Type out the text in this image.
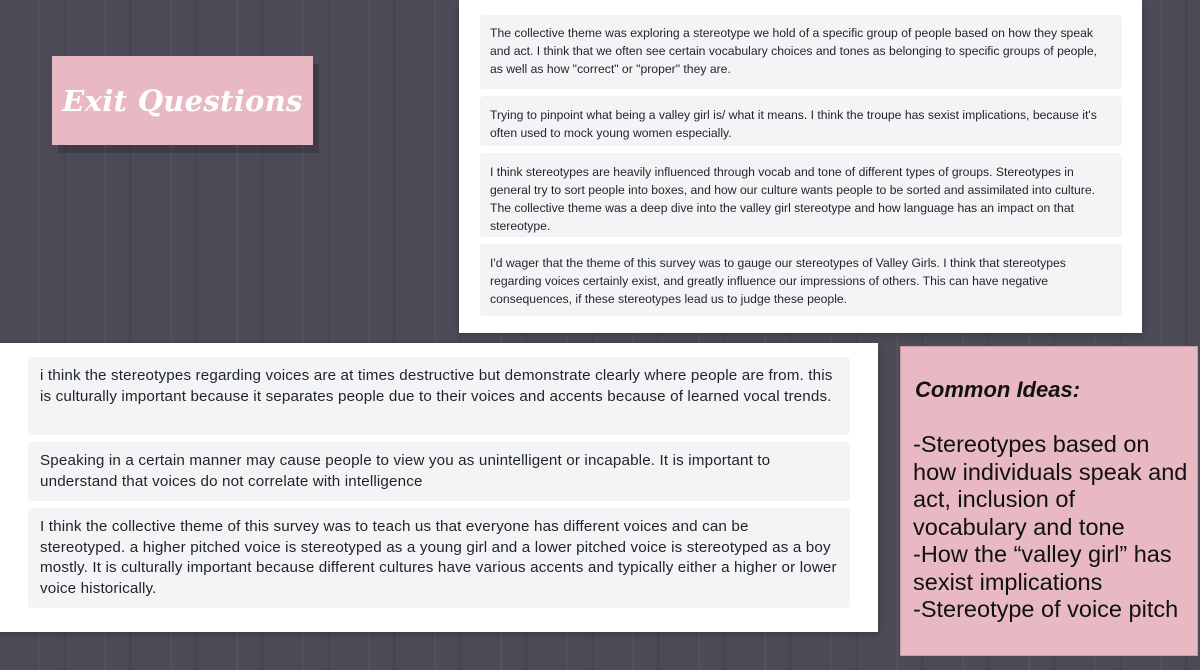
Exit Questions
The collective theme was exploring a stereotype we hold of a specific group of people based on how they speak and act. I think that we often see certain vocabulary choices and tones as belonging to specific groups of people, as well as how "correct" or "proper" they are.
Trying to pinpoint what being a valley girl is/ what it means. I think the troupe has sexist implications, because it's often used to mock young women especially.
I think stereotypes are heavily influenced through vocab and tone of different types of groups. Stereotypes in general try to sort people into boxes, and how our culture wants people to be sorted and assimilated into culture. The collective theme was a deep dive into the valley girl stereotype and how language has an impact on that stereotype.
I'd wager that the theme of this survey was to gauge our stereotypes of Valley Girls. I think that stereotypes regarding voices certainly exist, and greatly influence our impressions of others. This can have negative consequences, if these stereotypes lead us to judge these people.
i think the stereotypes regarding voices are at times destructive but demonstrate clearly where people are from. this is culturally important because it separates people due to their voices and accents because of learned vocal trends.
Speaking in a certain manner may cause people to view you as unintelligent or incapable. It is important to understand that voices do not correlate with intelligence
I think the collective theme of this survey was to teach us that everyone has different voices and can be stereotyped. a higher pitched voice is stereotyped as a young girl and a lower pitched voice is stereotyped as a boy mostly. It is culturally important because different cultures have various accents and typically either a higher or lower voice historically.
Common Ideas:
-Stereotypes based on how individuals speak and act, inclusion of vocabulary and tone
-How the “valley girl” has sexist implications
-Stereotype of voice pitch
